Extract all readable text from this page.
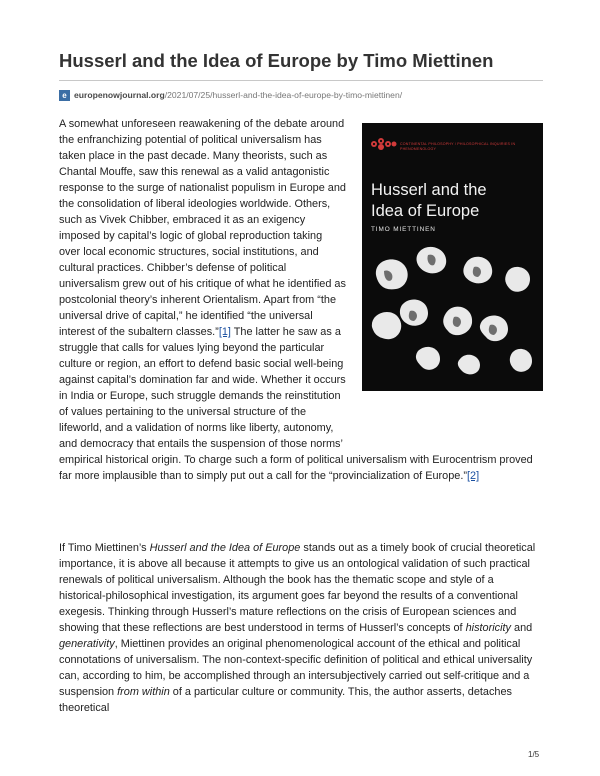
Husserl and the Idea of Europe by Timo Miettinen
e europenowjournal.org/2021/07/25/husserl-and-the-idea-of-europe-by-timo-miettinen/

A somewhat unforeseen reawakening of the debate around the enfranchizing potential of political universalism has taken place in the past decade. Many theorists, such as Chantal Mouffe, saw this renewal as a valid antagonistic response to the surge of nationalist populism in Europe and the consolidation of liberal ideologies worldwide. Others, such as Vivek Chibber, embraced it as an exigency imposed by capital’s logic of global reproduction taking over local economic structures, social institutions, and cultural practices. Chibber’s defense of political universalism grew out of his critique of what he identified as postcolonial theory’s inherent Orientalism. Apart from “the universal drive of capital,” he identified “the universal interest of the subaltern classes.”[1] The latter he saw as a struggle that calls for values lying beyond the particular culture or region, an effort to defend basic social well-being against capital’s domination far and wide. Whether it occurs in India or Europe, such struggle demands the reinstitution of values pertaining to the universal structure of the lifeworld, and a validation of norms like liberty, autonomy, and democracy that entails the suspension of those norms’ empirical historical origin. To charge such a form of political universalism with Eurocentrism proved far more implausible than to simply put out a call for the “provincialization of Europe.”[2]

CONTINENTAL PHILOSOPHY / PHILOSOPHICAL INQUIRIES IN PHENOMENOLOGY
Husserl and the
Idea of Europe
TIMO MIETTINEN

If Timo Miettinen’s Husserl and the Idea of Europe stands out as a timely book of crucial theoretical importance, it is above all because it attempts to give us an ontological validation of such practical renewals of political universalism. Although the book has the thematic scope and style of a historical-philosophical investigation, its argument goes far beyond the results of a conventional exegesis. Thinking through Husserl’s mature reflections on the crisis of European sciences and showing that these reflections are best understood in terms of Husserl’s concepts of historicity and generativity, Miettinen provides an original phenomenological account of the ethical and political connotations of universalism. The non-context-specific definition of political and ethical universality can, according to him, be accomplished through an intersubjectively carried out self-critique and a suspension from within of a particular culture or community. This, the author asserts, detaches theoretical

1/5
